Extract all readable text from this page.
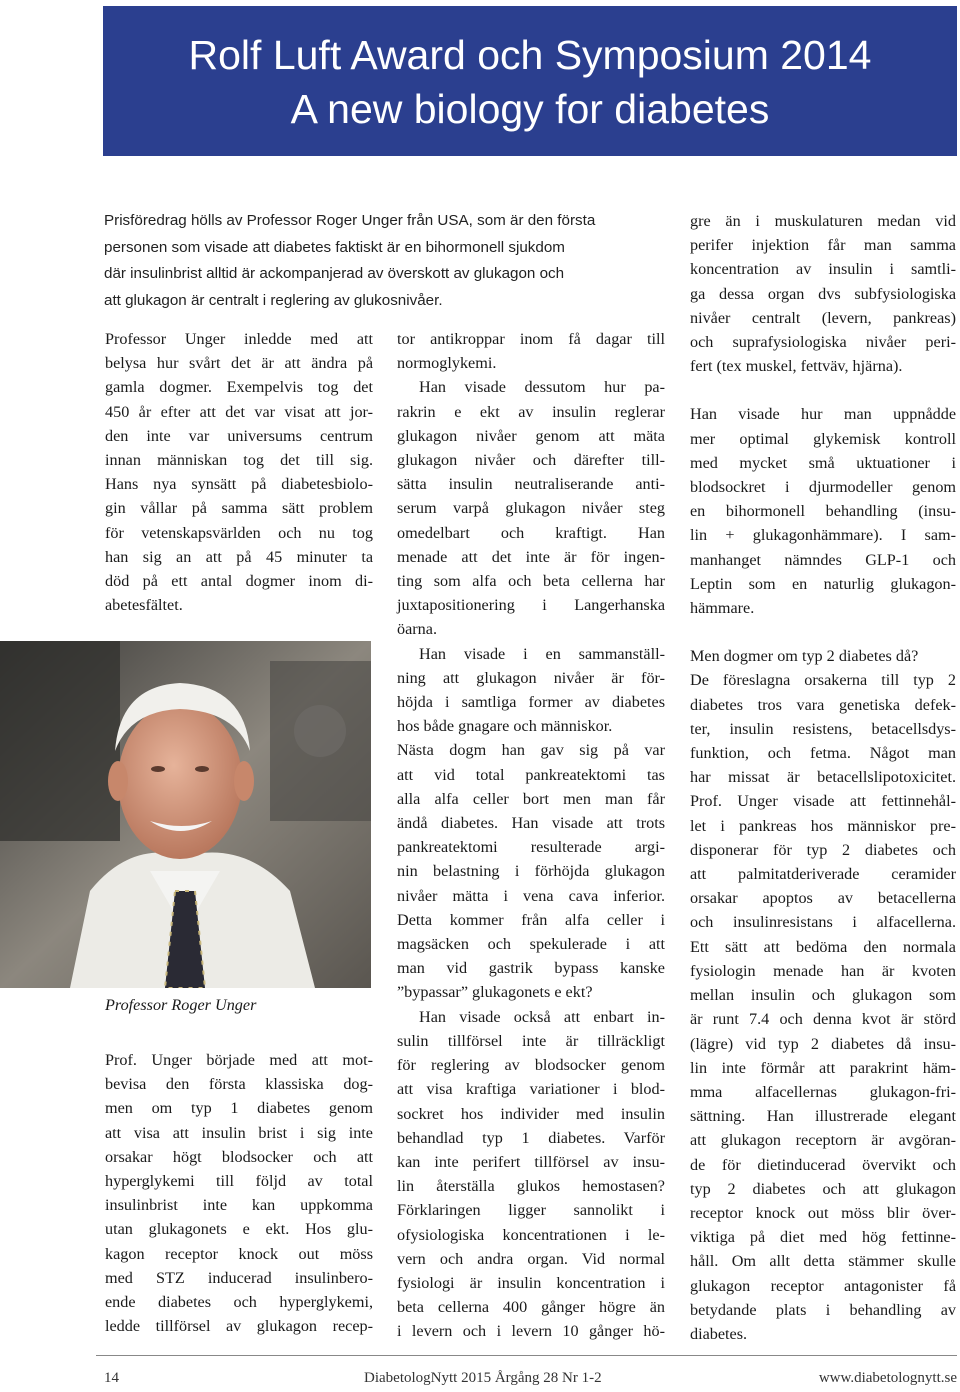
Rolf Luft Award och Symposium 2014
A new biology for diabetes

Prisföredrag hölls av Professor Roger Unger från USA, som är den första

personen som visade att diabetes faktiskt är en bihormonell sjukdom

där insulinbrist alltid är ackompanjerad av överskott av glukagon och

att glukagon är centralt i reglering av glukosnivåer.

Professor Unger inledde med att

belysa hur svårt det är att ändra på

gamla dogmer. Exempelvis tog det

450 år efter att det var visat att jor-

den inte var universums centrum

innan människan tog det till sig.

Hans nya synsätt på diabetesbiolo-

gin vållar på samma sätt problem

för vetenskapsvärlden och nu tog

han sig an att på 45 minuter ta

död på ett antal dogmer inom di-

abetesfältet.

Professor Roger Unger

Prof. Unger började med att mot-

bevisa den första klassiska dog-

men om typ 1 diabetes genom

att visa att insulin brist i sig inte

orsakar högt blodsocker och att

hyperglykemi till följd av total

insulinbrist inte kan uppkomma

utan glukagonets e ekt. Hos glu-

kagon receptor knock out möss

med STZ inducerad insulinbero-

ende diabetes och hyperglykemi,

ledde tillförsel av glukagon recep-

tor antikroppar inom få dagar till

normoglykemi.

Han visade dessutom hur pa-

rakrin e ekt av insulin reglerar

glukagon nivåer genom att mäta

glukagon nivåer och därefter till-

sätta insulin neutraliserande anti-

serum varpå glukagon nivåer steg

omedelbart och kraftigt. Han

menade att det inte är för ingen-

ting som alfa och beta cellerna har

juxtapositionering i Langerhanska

öarna.

Han visade i en sammanställ-

ning att glukagon nivåer är för-

höjda i samtliga former av diabetes

hos både gnagare och människor.

Nästa dogm han gav sig på var

att vid total pankreatektomi tas

alla alfa celler bort men man får

ändå diabetes. Han visade att trots

pankreatektomi resulterade argi-

nin belastning i förhöjda glukagon

nivåer mätta i vena cava inferior.

Detta kommer från alfa celler i

magsäcken och spekulerade i att

man vid gastrik bypass kanske

”bypassar” glukagonets e ekt?

Han visade också att enbart in-

sulin tillförsel inte är tillräckligt

för reglering av blodsocker genom

att visa kraftiga variationer i blod-

sockret hos individer med insulin

behandlad typ 1 diabetes. Varför

kan inte perifert tillförsel av insu-

lin återställa glukos hemostasen?

Förklaringen ligger sannolikt i

ofysiologiska koncentrationen i le-

vern och andra organ. Vid normal

fysiologi är insulin koncentration i

beta cellerna 400 gånger högre än

i levern och i levern 10 gånger hö-

gre än i muskulaturen medan vid

perifer injektion får man samma

koncentration av insulin i samtli-

ga dessa organ dvs subfysiologiska

nivåer centralt (levern, pankreas)

och suprafysiologiska nivåer peri-

fert (tex muskel, fettväv, hjärna).

Han visade hur man uppnådde

mer optimal glykemisk kontroll

med mycket små uktuationer i

blodsockret i djurmodeller genom

en bihormonell behandling (insu-

lin + glukagonhämmare). I sam-

manhanget nämndes GLP-1 och

Leptin som en naturlig glukagon-

hämmare.

Men dogmer om typ 2 diabetes då?

De föreslagna orsakerna till typ 2

diabetes tros vara genetiska defek-

ter, insulin resistens, betacellsdys-

funktion, och fetma. Något man

har missat är betacellslipotoxicitet.

Prof. Unger visade att fettinnehål-

let i pankreas hos människor pre-

disponerar för typ 2 diabetes och

att palmitatderiverade ceramider

orsakar apoptos av betacellerna

och insulinresistans i alfacellerna.

Ett sätt att bedöma den normala

fysiologin menade han är kvoten

mellan insulin och glukagon som

är runt 7.4 och denna kvot är störd

(lägre) vid typ 2 diabetes då insu-

lin inte förmår att parakrint häm-

mma alfacellernas glukagon-fri-

sättning. Han illustrerade elegant

att glukagon receptorn är avgöran-

de för dietinducerad övervikt och

typ 2 diabetes och att glukagon

receptor knock out möss blir över-

viktiga på diet med hög fettinne-

håll. Om allt detta stämmer skulle

glukagon receptor antagonister få

betydande plats i behandling av

diabetes.

14	DiabetologNytt 2015 Årgång 28 Nr 1-2	www.diabetolognytt.se
